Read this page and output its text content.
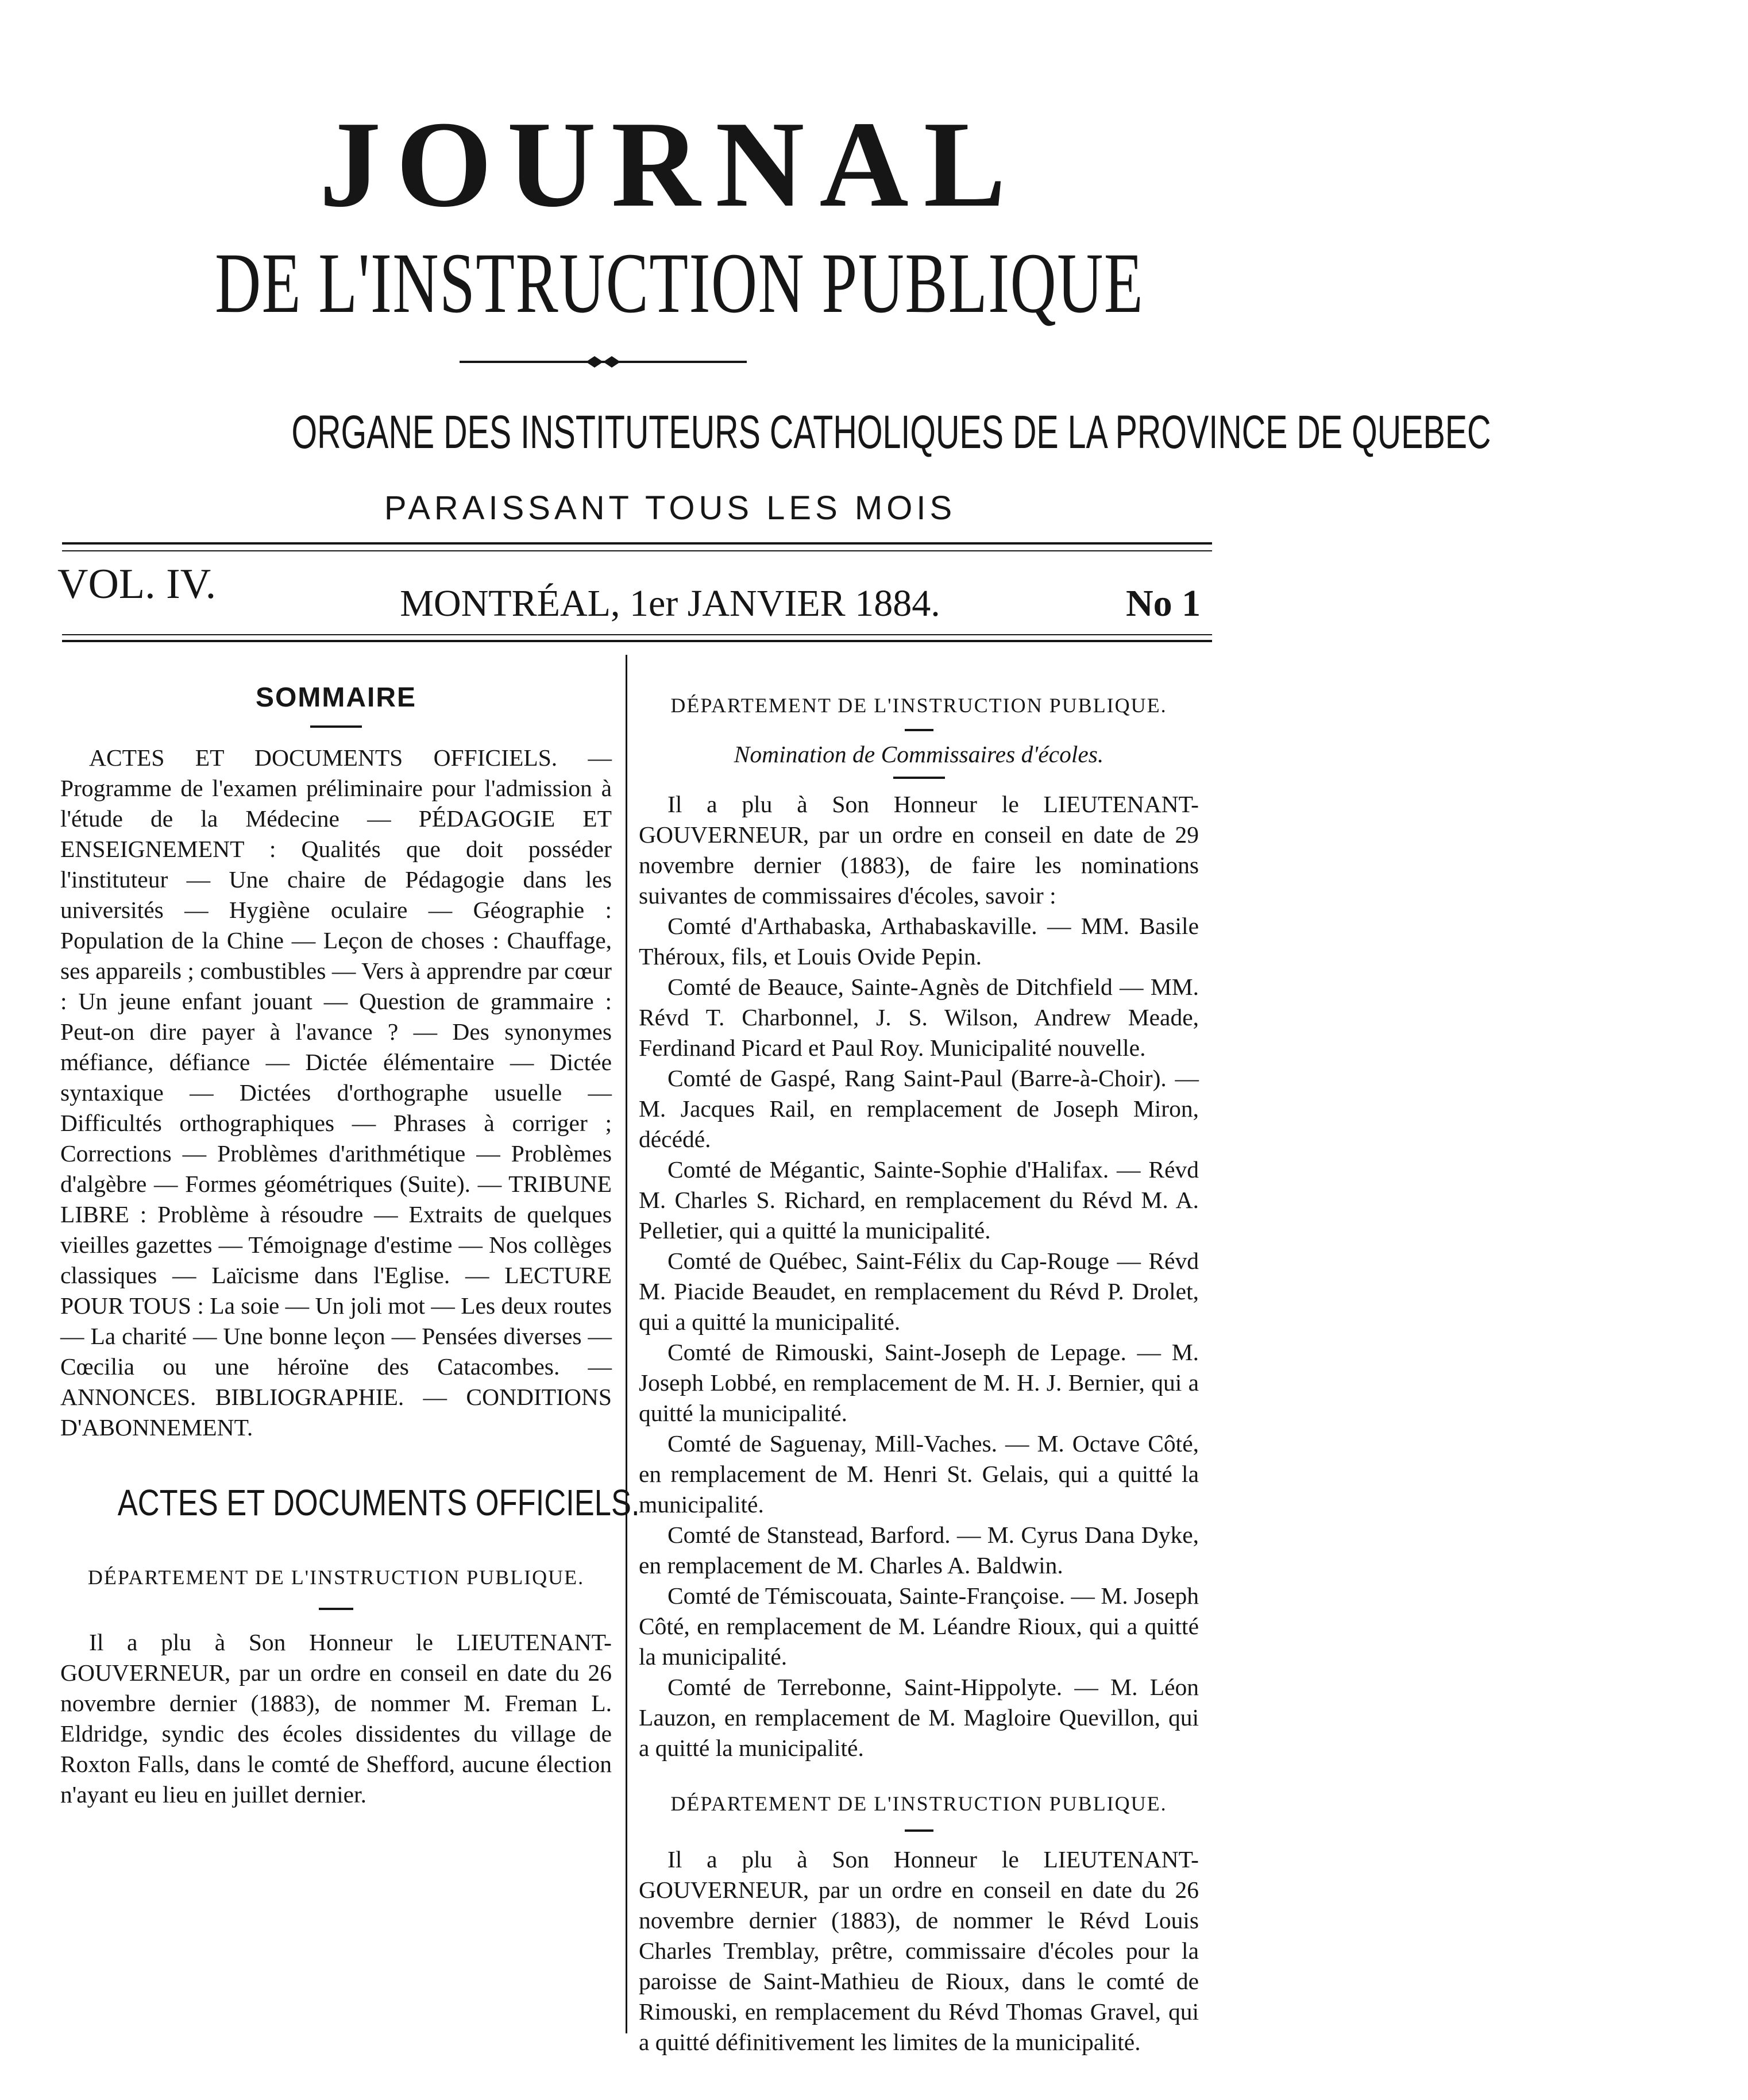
JOURNAL
DE L'INSTRUCTION PUBLIQUE
ORGANE DES INSTITUTEURS CATHOLIQUES DE LA PROVINCE DE QUEBEC
PARAISSANT TOUS LES MOIS
VOL. IV.	MONTRÉAL, 1er JANVIER 1884.	No 1
SOMMAIRE

ACTES ET DOCUMENTS OFFICIELS. — Programme de l'examen préliminaire pour l'admission à l'étude de la Médecine — PÉDAGOGIE ET ENSEIGNEMENT : Qualités que doit posséder l'instituteur — Une chaire de Pédagogie dans les universités — Hygiène oculaire — Géographie : Population de la Chine — Leçon de choses : Chauffage, ses appareils ; combustibles — Vers à apprendre par cœur : Un jeune enfant jouant — Question de grammaire : Peut-on dire payer à l'avance ? — Des synonymes méfiance, défiance — Dictée élémentaire — Dictée syntaxique — Dictées d'orthographe usuelle — Difficultés orthographiques — Phrases à corriger ; Corrections — Problèmes d'arithmétique — Problèmes d'algèbre — Formes géométriques (Suite). — TRIBUNE LIBRE : Problème à résoudre — Extraits de quelques vieilles gazettes — Témoignage d'estime — Nos collèges classiques — Laïcisme dans l'Eglise. — LECTURE POUR TOUS : La soie — Un joli mot — Les deux routes — La charité — Une bonne leçon — Pensées diverses — Cœcilia ou une héroïne des Catacombes. — ANNONCES. BIBLIOGRAPHIE. — CONDITIONS D'ABONNEMENT.

ACTES ET DOCUMENTS OFFICIELS.
DÉPARTEMENT DE L'INSTRUCTION PUBLIQUE.

Il a plu à Son Honneur le LIEUTENANT-GOUVERNEUR, par un ordre en conseil en date du 26 novembre dernier (1883), de nommer M. Freman L. Eldridge, syndic des écoles dissidentes du village de Roxton Falls, dans le comté de Shefford, aucune élection n'ayant eu lieu en juillet dernier.

DÉPARTEMENT DE L'INSTRUCTION PUBLIQUE.
Nomination de Commissaires d'écoles.

Il a plu à Son Honneur le LIEUTENANT-GOUVERNEUR, par un ordre en conseil en date de 29 novembre dernier (1883), de faire les nominations suivantes de commissaires d'écoles, savoir :

Comté d'Arthabaska, Arthabaskaville. — MM. Basile Théroux, fils, et Louis Ovide Pepin.

Comté de Beauce, Sainte-Agnès de Ditchfield — MM. Révd T. Charbonnel, J. S. Wilson, Andrew Meade, Ferdinand Picard et Paul Roy. Municipalité nouvelle.

Comté de Gaspé, Rang Saint-Paul (Barre-à-Choir). — M. Jacques Rail, en remplacement de Joseph Miron, décédé.

Comté de Mégantic, Sainte-Sophie d'Halifax. — Révd M. Charles S. Richard, en remplacement du Révd M. A. Pelletier, qui a quitté la municipalité.

Comté de Québec, Saint-Félix du Cap-Rouge — Révd M. Piacide Beaudet, en remplacement du Révd P. Drolet, qui a quitté la municipalité.

Comté de Rimouski, Saint-Joseph de Lepage. — M. Joseph Lobbé, en remplacement de M. H. J. Bernier, qui a quitté la municipalité.

Comté de Saguenay, Mill-Vaches. — M. Octave Côté, en remplacement de M. Henri St. Gelais, qui a quitté la municipalité.

Comté de Stanstead, Barford. — M. Cyrus Dana Dyke, en remplacement de M. Charles A. Baldwin.

Comté de Témiscouata, Sainte-Françoise. — M. Joseph Côté, en remplacement de M. Léandre Rioux, qui a quitté la municipalité.

Comté de Terrebonne, Saint-Hippolyte. — M. Léon Lauzon, en remplacement de M. Magloire Quevillon, qui a quitté la municipalité.

DÉPARTEMENT DE L'INSTRUCTION PUBLIQUE.

Il a plu à Son Honneur le LIEUTENANT-GOUVERNEUR, par un ordre en conseil en date du 26 novembre dernier (1883), de nommer le Révd Louis Charles Tremblay, prêtre, commissaire d'écoles pour la paroisse de Saint-Mathieu de Rioux, dans le comté de Rimouski, en remplacement du Révd Thomas Gravel, qui a quitté définitivement les limites de la municipalité.
